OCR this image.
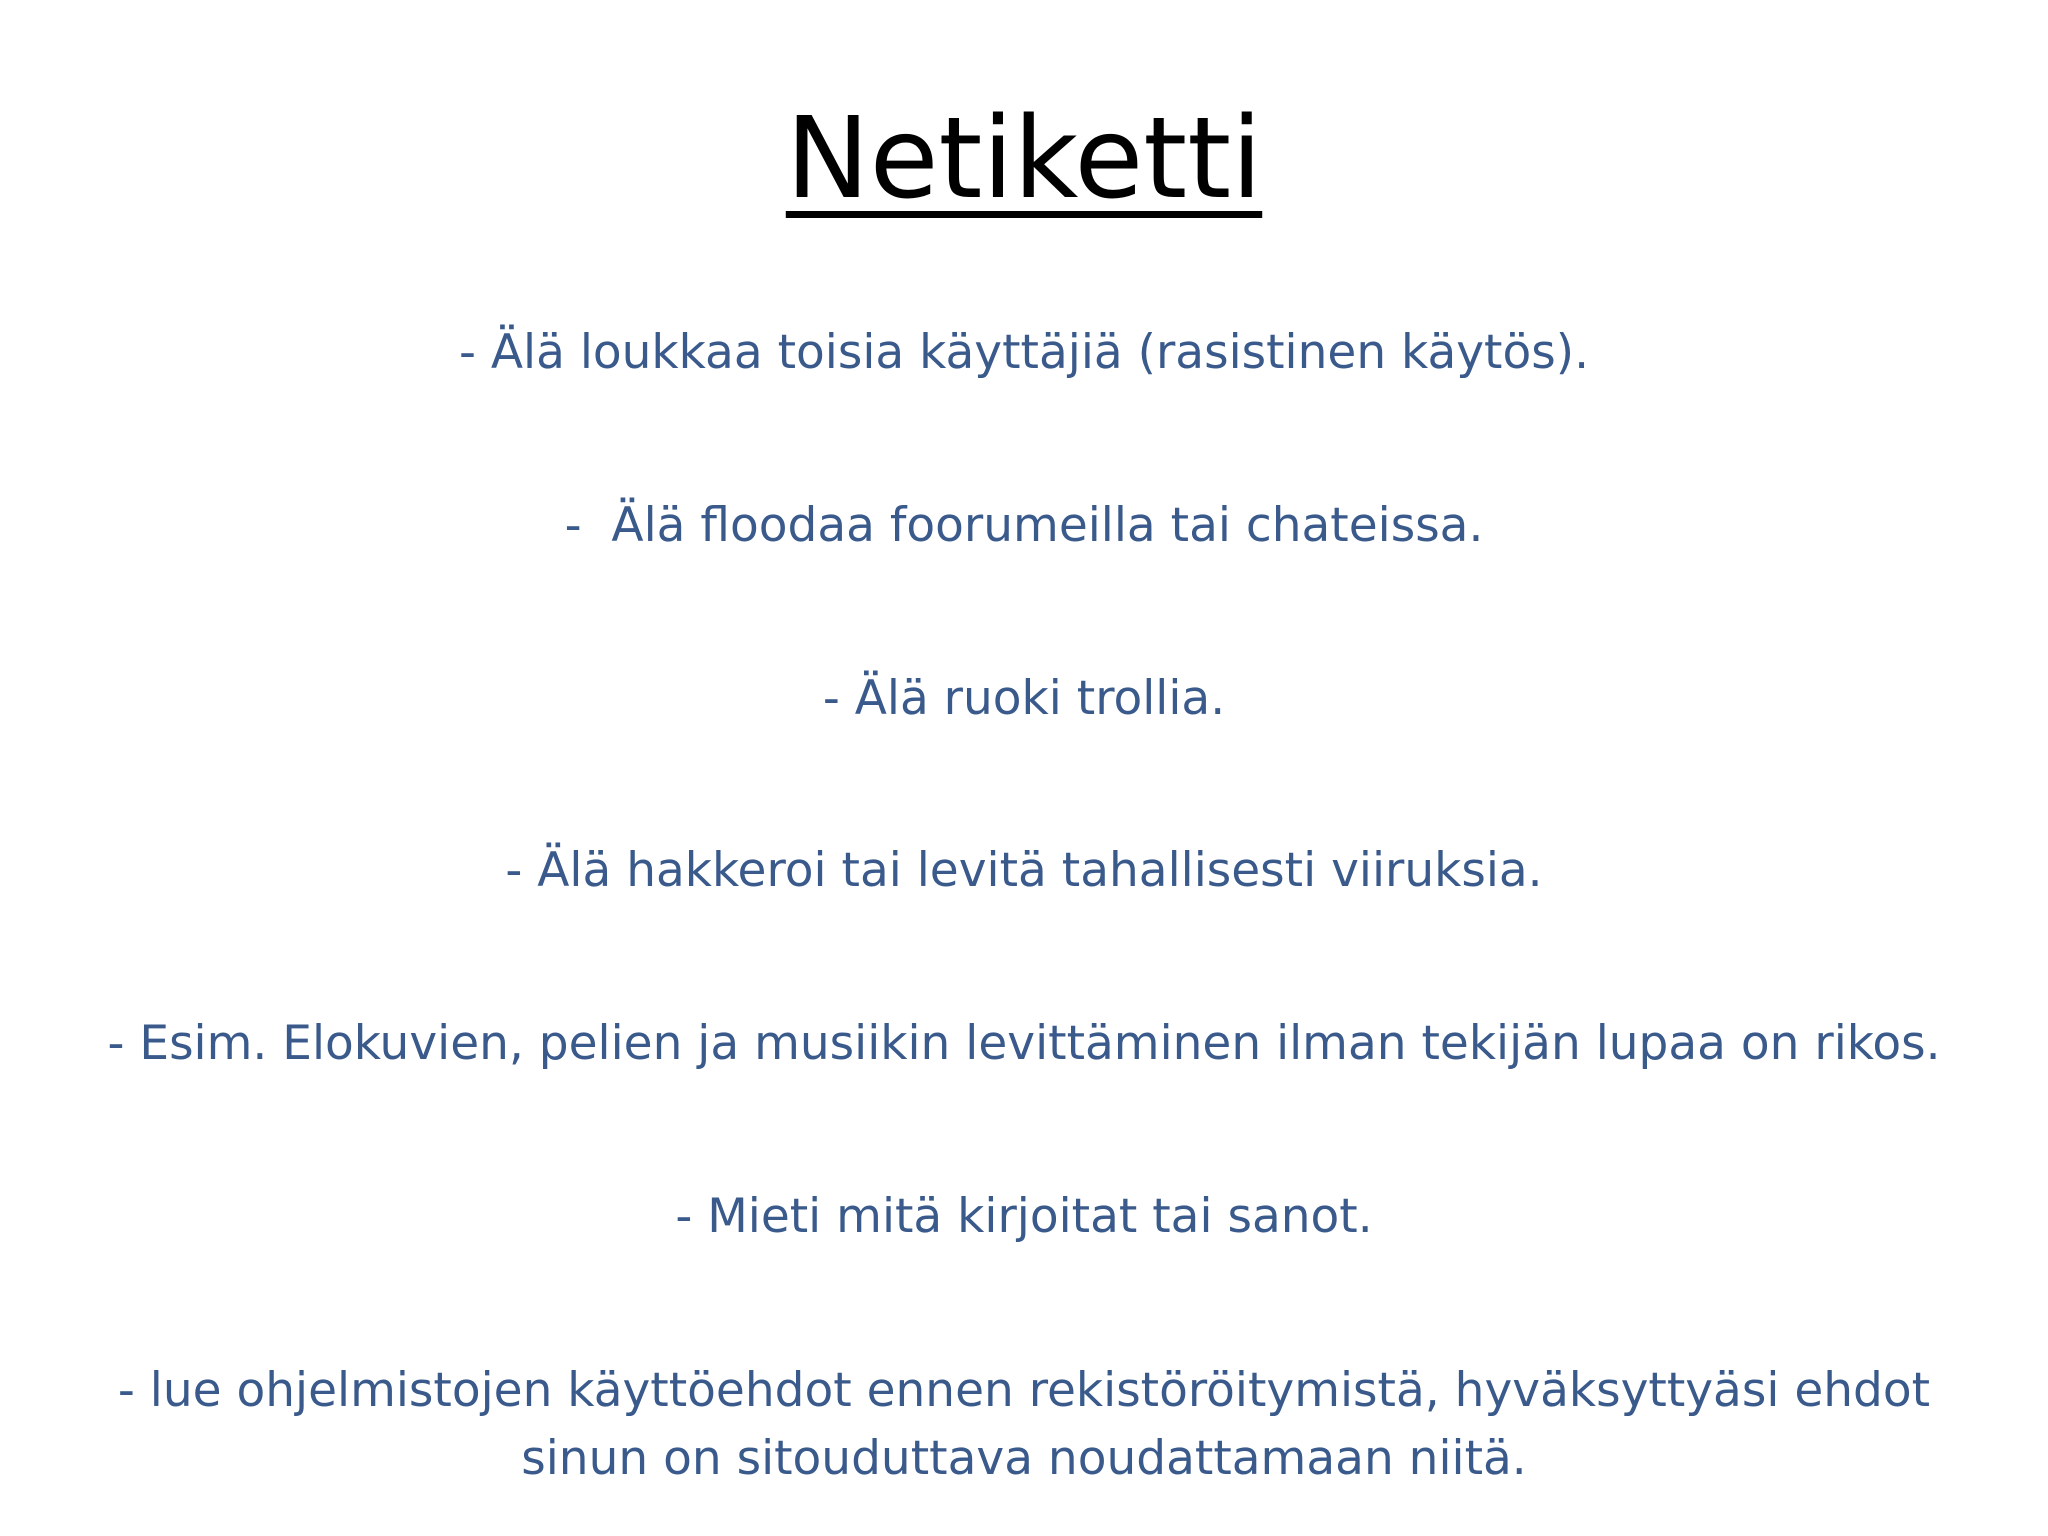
Netiketti
- Älä loukkaa toisia käyttäjiä (rasistinen käytös).
-  Älä floodaa foorumeilla tai chateissa.
- Älä ruoki trollia.
- Älä hakkeroi tai levitä tahallisesti viiruksia.
- Esim. Elokuvien, pelien ja musiikin levittäminen ilman tekijän lupaa on rikos.
- Mieti mitä kirjoitat tai sanot.
- lue ohjelmistojen käyttöehdot ennen rekistöröitymistä, hyväksyttyäsi ehdot sinun on sitouduttava noudattamaan niitä.
